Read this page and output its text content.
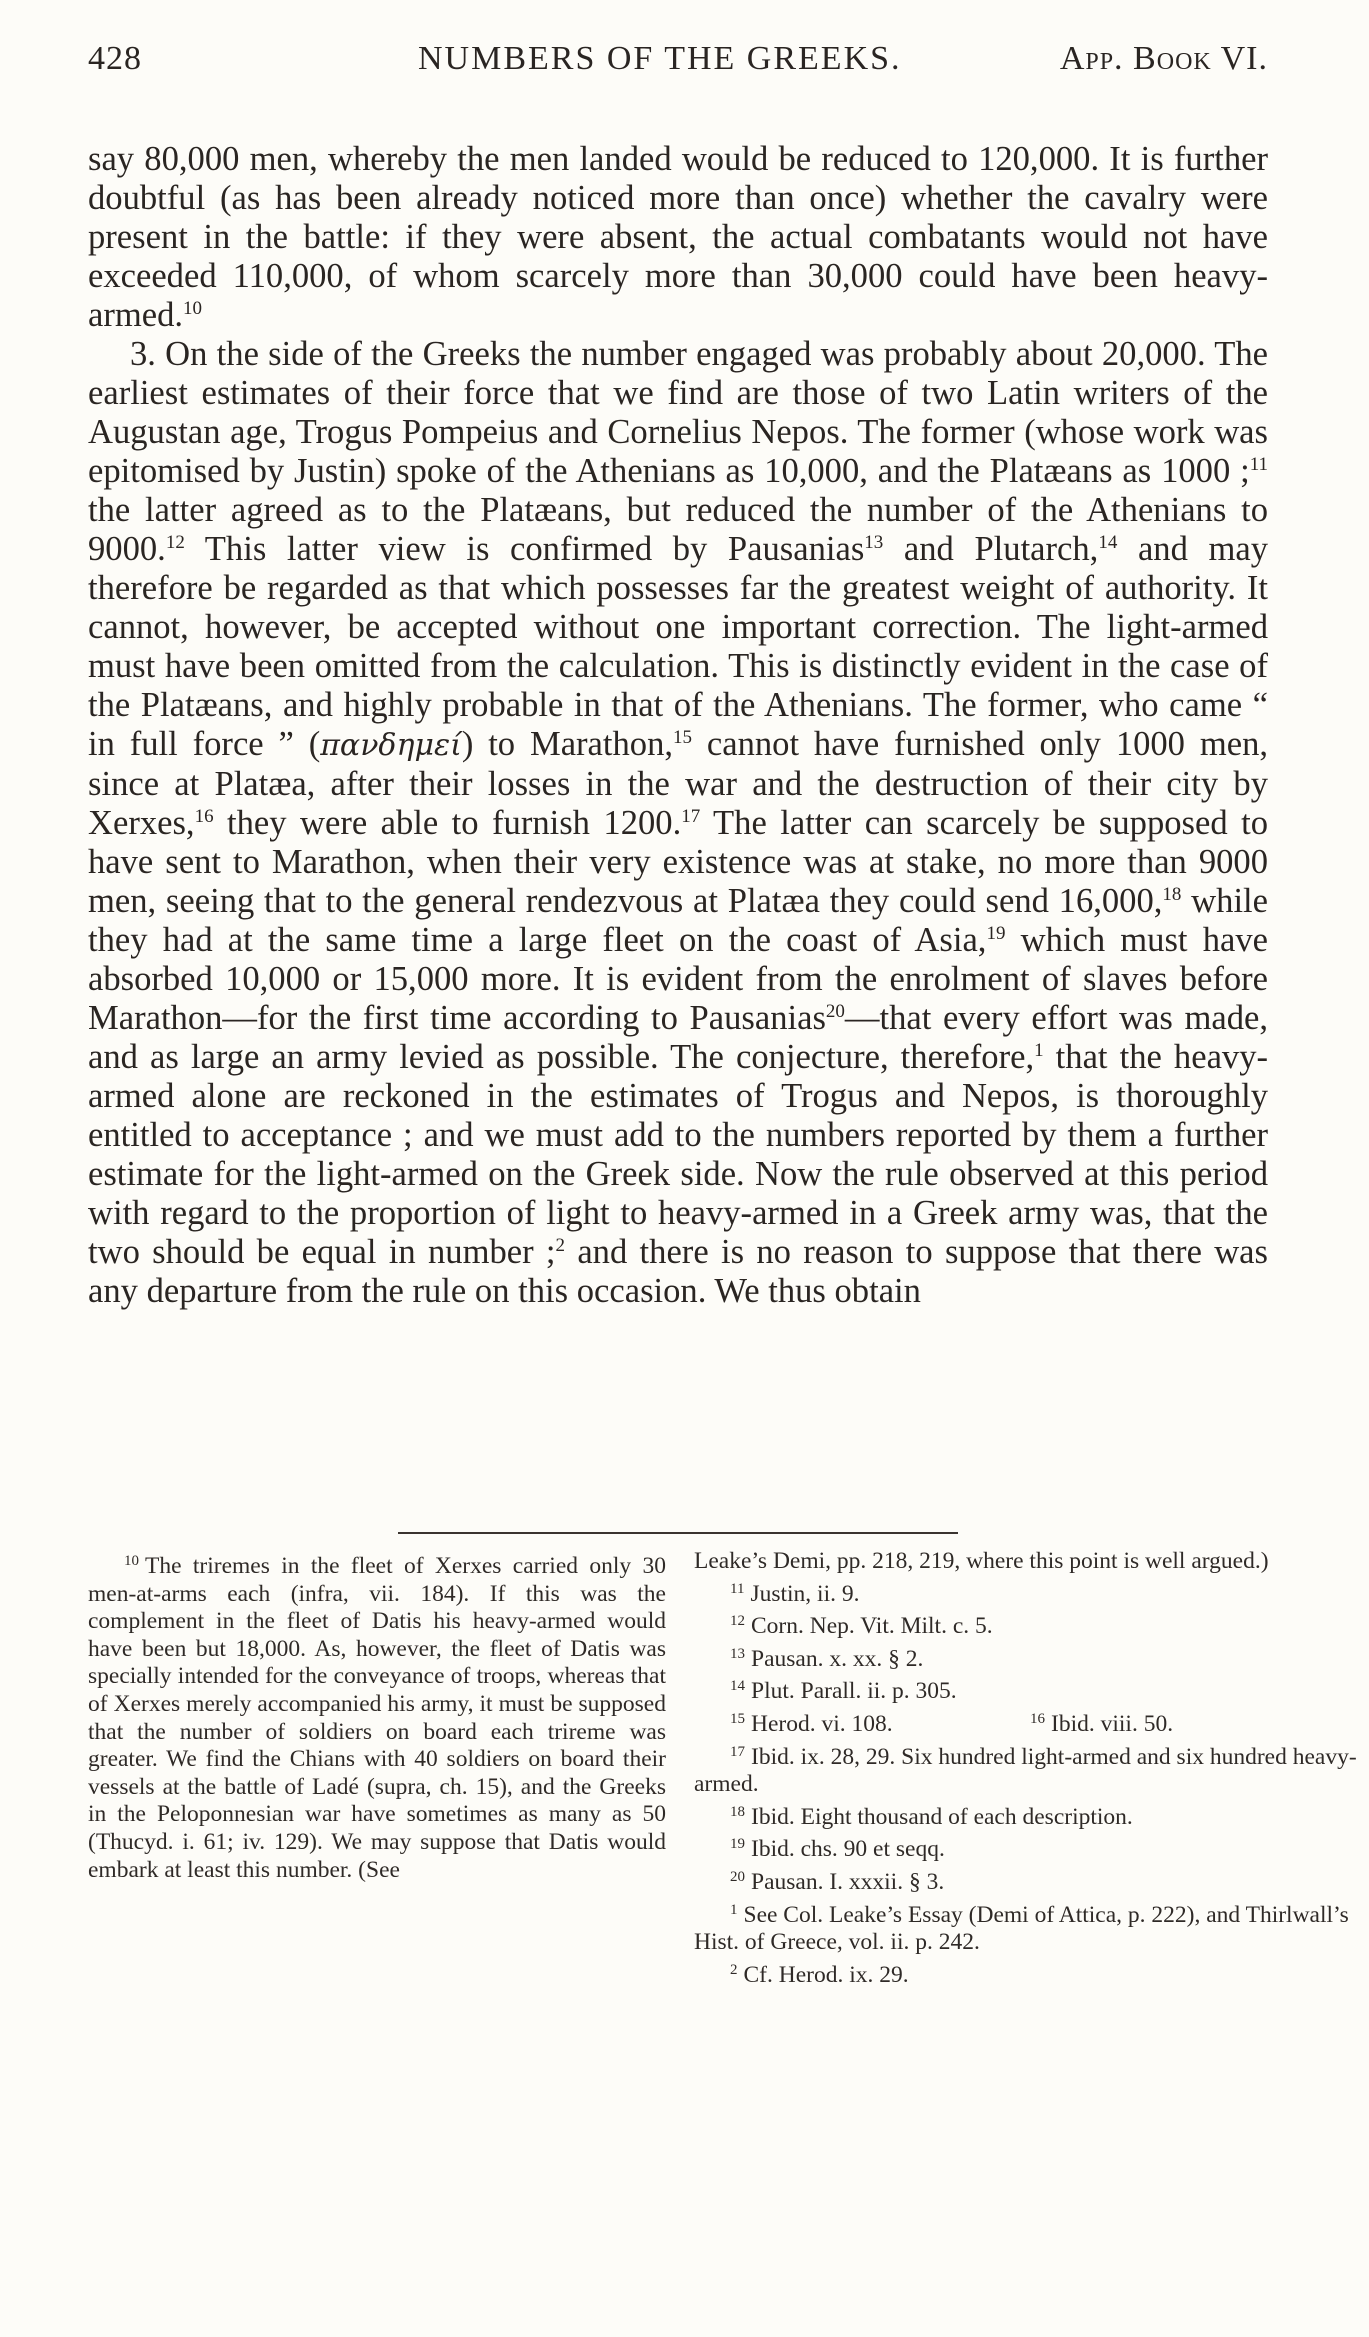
428	NUMBERS OF THE GREEKS.	App. Book VI.

say 80,000 men, whereby the men landed would be reduced to 120,000. It is further doubtful (as has been already noticed more than once) whether the cavalry were present in the battle: if they were absent, the actual combatants would not have exceeded 110,000, of whom scarcely more than 30,000 could have been heavy-armed.$^{10}$

3. On the side of the Greeks the number engaged was probably about 20,000. The earliest estimates of their force that we find are those of two Latin writers of the Augustan age, Trogus Pompeius and Cornelius Nepos. The former (whose work was epitomised by Justin) spoke of the Athenians as 10,000, and the Platæans as 1000 ;$^{11}$ the latter agreed as to the Platæans, but reduced the number of the Athenians to 9000.12 This latter view is confirmed by Pausanias$^{13}$ and Plutarch,$^{14}$ and may therefore be regarded as that which possesses far the greatest weight of authority. It cannot, however, be accepted without one important correction. The light-armed must have been omitted from the calculation. This is distinctly evident in the case of the Platæans, and highly probable in that of the Athenians. The former, who came “ in full force ” (πανδημεί) to Marathon,$^{15}$ cannot have furnished only 1000 men, since at Platæa, after their losses in the war and the destruction of their city by Xerxes,$^{16}$ they were able to furnish 1200.17 The latter can scarcely be supposed to have sent to Marathon, when their very existence was at stake, no more than 9000 men, seeing that to the general rendezvous at Platæa they could send 16,000,18 while they had at the same time a large fleet on the coast of Asia,$^{19}$ which must have absorbed 10,000 or 15,000 more. It is evident from the enrolment of slaves before Marathon—for the first time according to Pausanias$^{20}$—that every effort was made, and as large an army levied as possible. The conjecture, therefore,$^1$ that the heavy-armed alone are reckoned in the estimates of Trogus and Nepos, is thoroughly entitled to acceptance ; and we must add to the numbers reported by them a further estimate for the light-armed on the Greek side. Now the rule observed at this period with regard to the proportion of light to heavy-armed in a Greek army was, that the two should be equal in number ;$^2$ and there is no reason to suppose that there was any departure from the rule on this occasion. We thus obtain

$^{10}$ The triremes in the fleet of Xerxes carried only 30 men-at-arms each (infra, vii. 184). If this was the complement in the fleet of Datis his heavy-armed would have been but 18,000. As, however, the fleet of Datis was specially intended for the conveyance of troops, whereas that of Xerxes merely accompanied his army, it must be supposed that the number of soldiers on board each trireme was greater. We find the Chians with 40 soldiers on board their vessels at the battle of Ladé (supra, ch. 15), and the Greeks in the Peloponnesian war have sometimes as many as 50 (Thucyd. i. 61; iv. 129). We may suppose that Datis would embark at least this number. (See

Leake’s Demi, pp. 218, 219, where this point is well argued.)

$^{11}$ Justin, ii. 9.

$^{12}$ Corn. Nep. Vit. Milt. c. 5.

$^{13}$ Pausan. x. xx. § 2.

$^{14}$ Plut. Parall. ii. p. 305.

15 Herod. vi. 108.	16 Ibid. viii. 50.

$^{17}$ Ibid. ix. 28, 29. Six hundred light-armed and six hundred heavy-armed.

$^{18}$ Ibid. Eight thousand of each description.

$^{19}$ Ibid. chs. 90 et seqq.

$^{20}$ Pausan. I. xxxii. § 3.

$^1$ See Col. Leake’s Essay (Demi of Attica, p. 222), and Thirlwall’s Hist. of Greece, vol. ii. p. 242.

$^2$ Cf. Herod. ix. 29.
